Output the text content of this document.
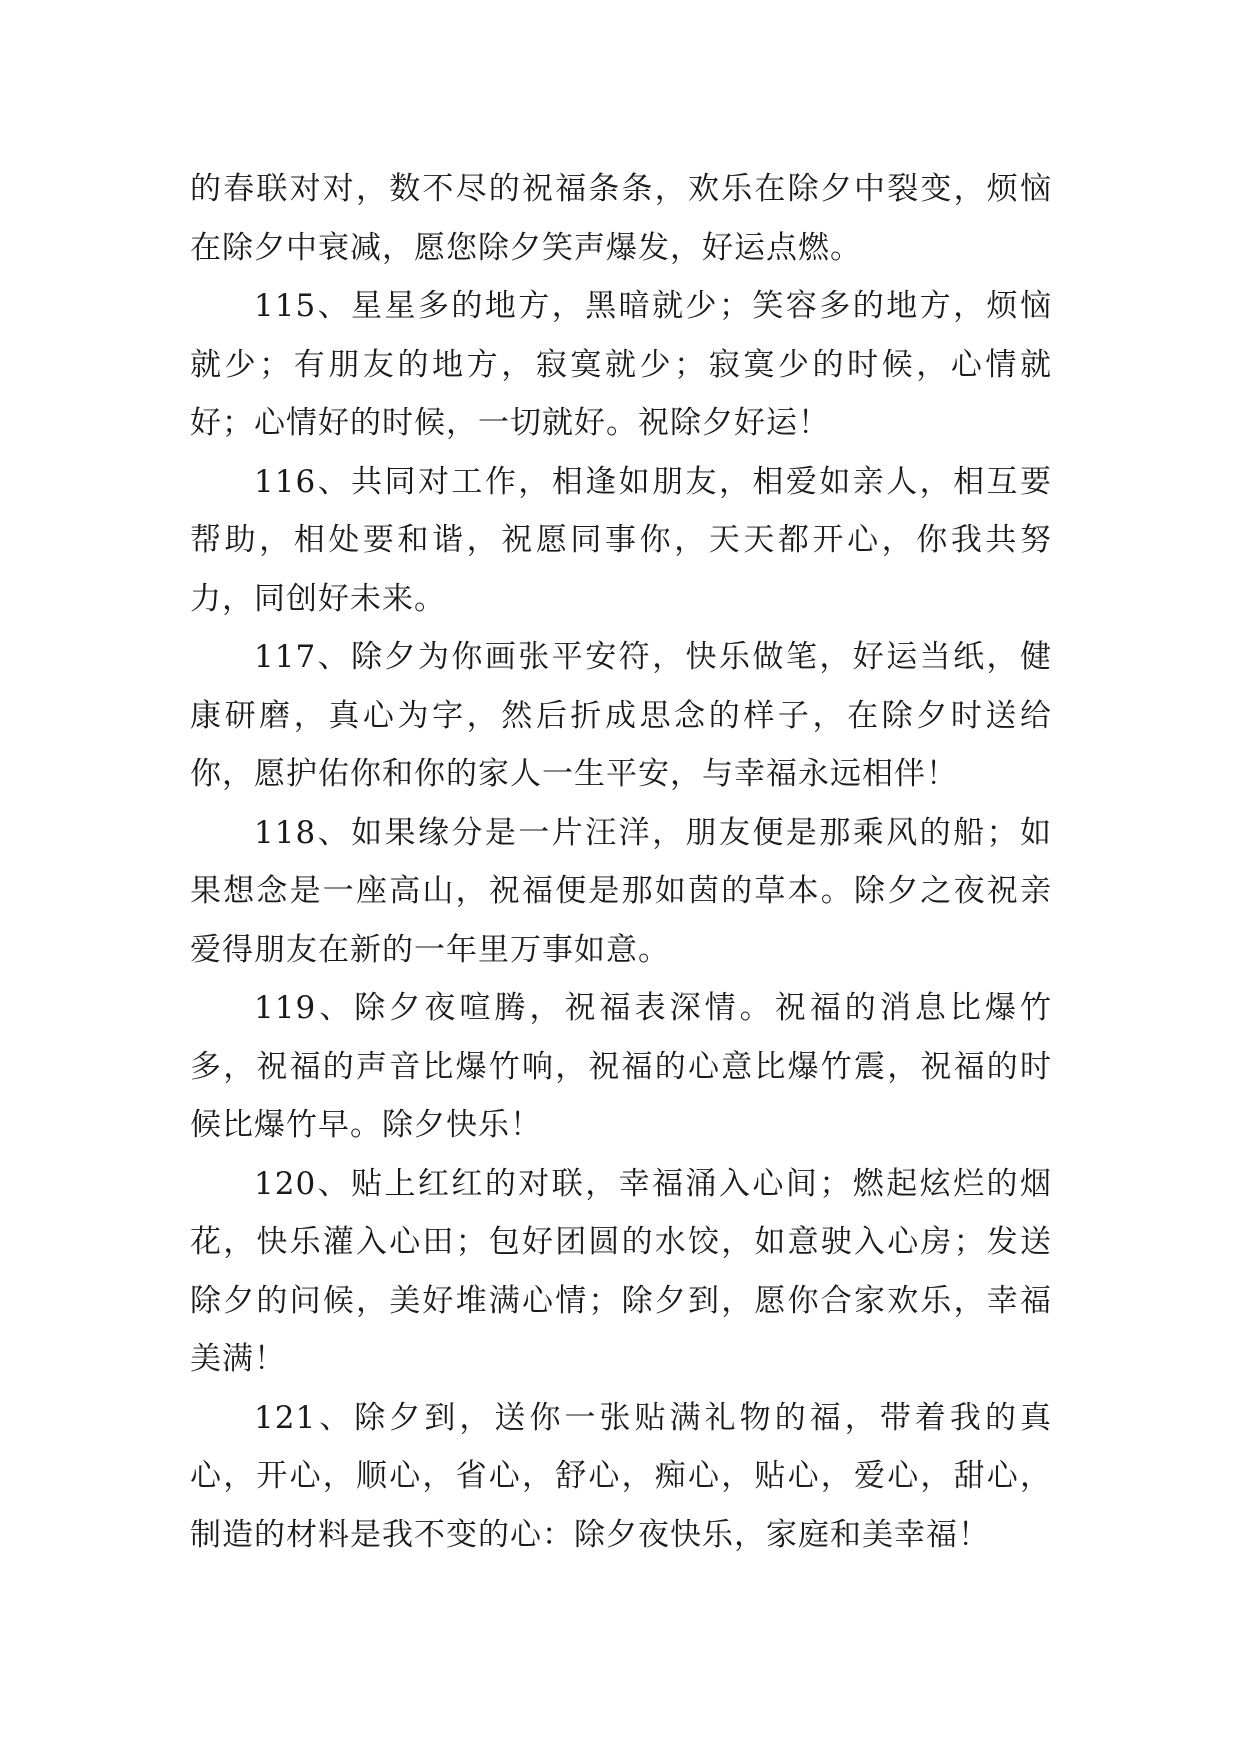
的春联对对，数不尽的祝福条条，欢乐在除夕中裂变，烦恼在除夕中衰减，愿您除夕笑声爆发，好运点燃。

115、星星多的地方，黑暗就少；笑容多的地方，烦恼就少；有朋友的地方，寂寞就少；寂寞少的时候，心情就好；心情好的时候，一切就好。祝除夕好运！

116、共同对工作，相逢如朋友，相爱如亲人，相互要帮助，相处要和谐，祝愿同事你，天天都开心，你我共努力，同创好未来。

117、除夕为你画张平安符，快乐做笔，好运当纸，健康研磨，真心为字，然后折成思念的样子，在除夕时送给你，愿护佑你和你的家人一生平安，与幸福永远相伴！

118、如果缘分是一片汪洋，朋友便是那乘风的船；如果想念是一座高山，祝福便是那如茵的草本。除夕之夜祝亲爱得朋友在新的一年里万事如意。

119、除夕夜喧腾，祝福表深情。祝福的消息比爆竹多，祝福的声音比爆竹响，祝福的心意比爆竹震，祝福的时候比爆竹早。除夕快乐！

120、贴上红红的对联，幸福涌入心间；燃起炫烂的烟花，快乐灌入心田；包好团圆的水饺，如意驶入心房；发送除夕的问候，美好堆满心情；除夕到，愿你合家欢乐，幸福美满！

121、除夕到，送你一张贴满礼物的福，带着我的真心，开心，顺心，省心，舒心，痴心，贴心，爱心，甜心，制造的材料是我不变的心：除夕夜快乐，家庭和美幸福！
